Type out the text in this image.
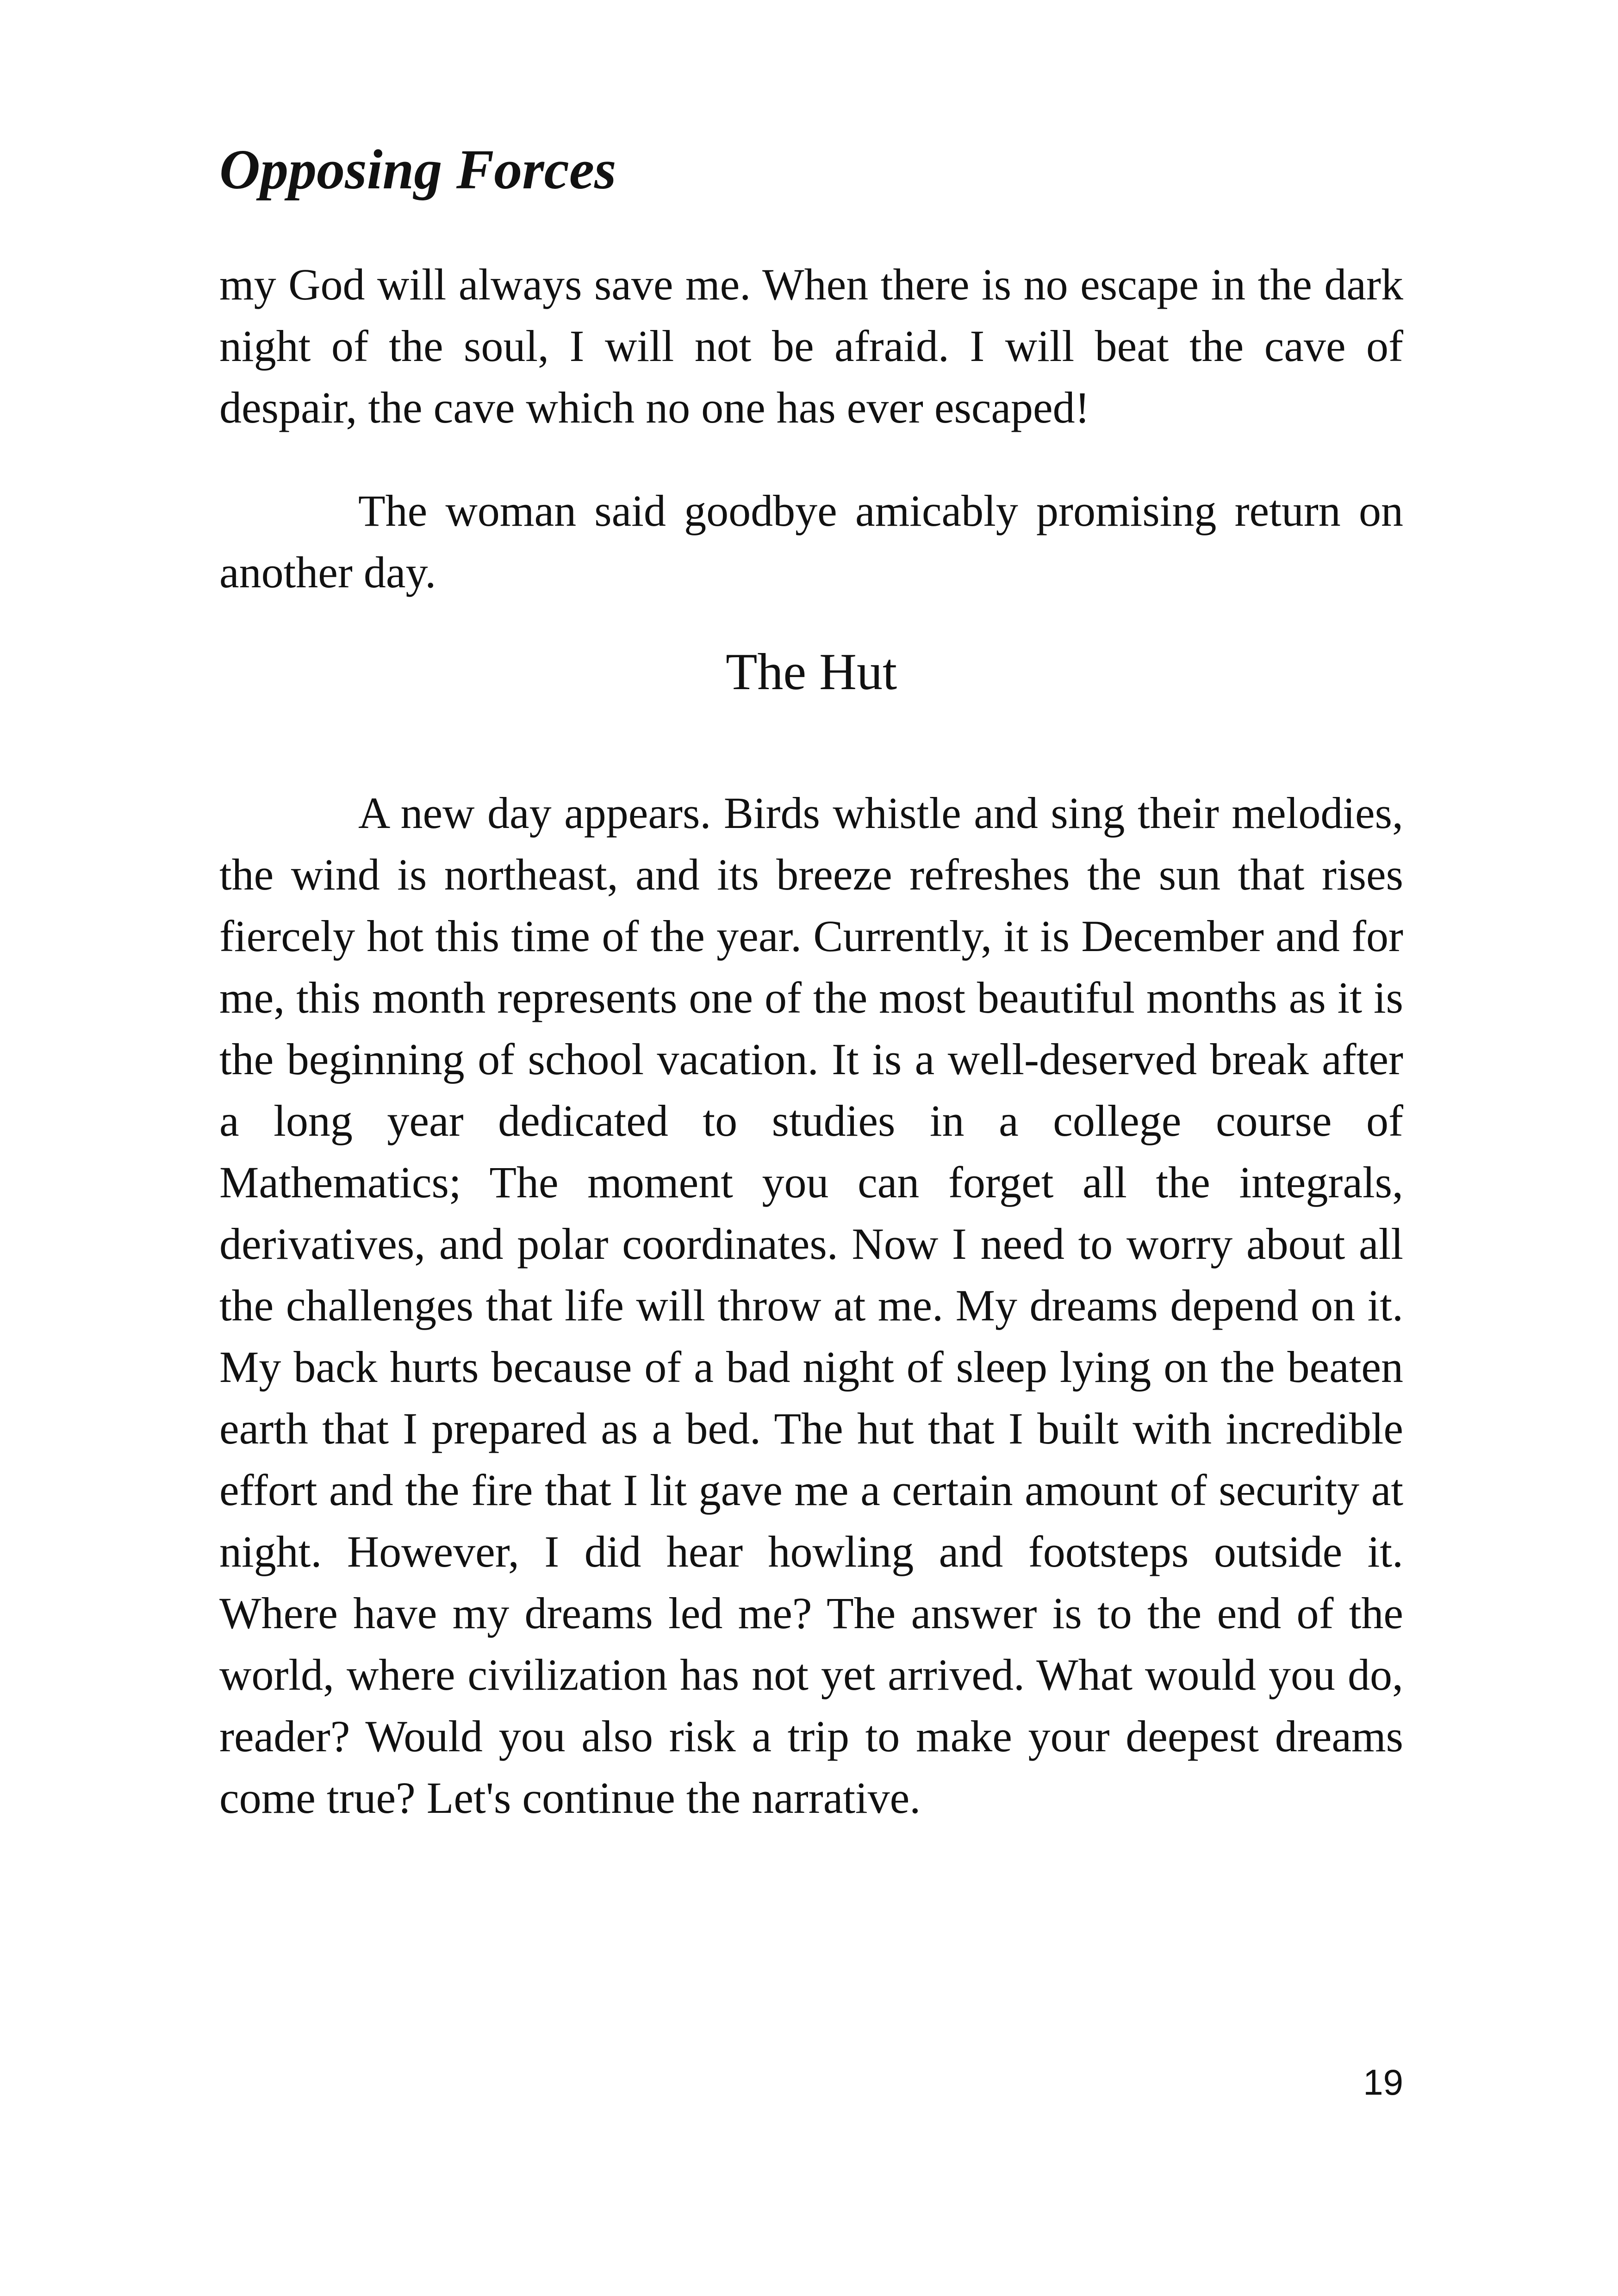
Opposing Forces

my God will always save me. When there is no escape in the dark night of the soul, I will not be afraid. I will beat the cave of despair, the cave which no one has ever escaped!

The woman said goodbye amicably promising return on another day.

The Hut

A new day appears. Birds whistle and sing their melodies, the wind is northeast, and its breeze refreshes the sun that rises fiercely hot this time of the year. Currently, it is December and for me, this month represents one of the most beautiful months as it is the beginning of school vacation. It is a well-deserved break after a long year dedicated to studies in a college course of Mathematics; The moment you can forget all the integrals, derivatives, and polar coordinates. Now I need to worry about all the challenges that life will throw at me. My dreams depend on it. My back hurts because of a bad night of sleep lying on the beaten earth that I prepared as a bed. The hut that I built with incredible effort and the fire that I lit gave me a certain amount of security at night. However, I did hear howling and footsteps outside it. Where have my dreams led me? The answer is to the end of the world, where civilization has not yet arrived. What would you do, reader? Would you also risk a trip to make your deepest dreams come true? Let's continue the narrative.

19
